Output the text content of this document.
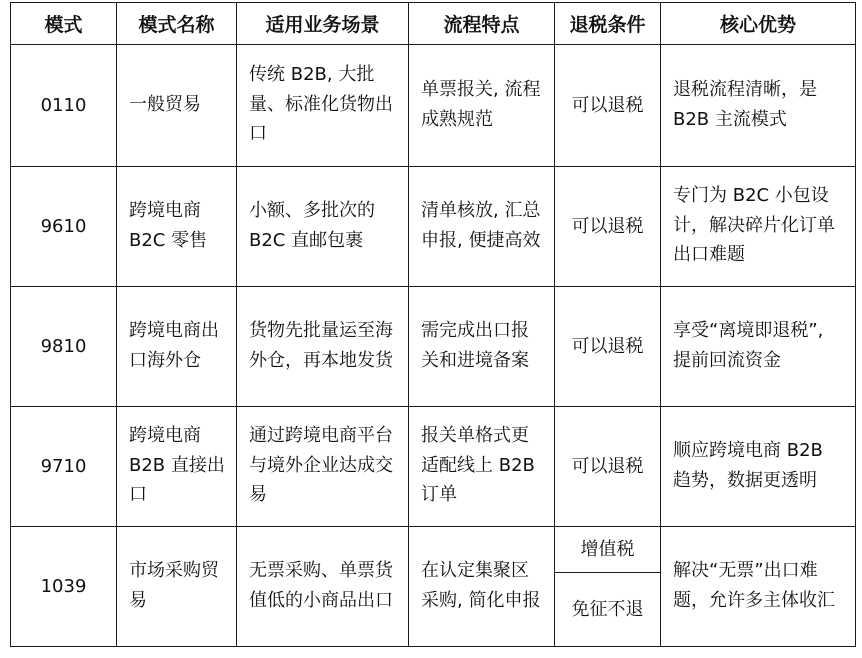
模式	模式名称	适用业务场景	流程特点	退税条件	核心优势
0110	一般贸易	传统 B2B, 大批量、标准化货物出口	单票报关, 流程成熟规范	可以退税	退税流程清晰，是 B2B 主流模式
9610	跨境电商 B2C 零售	小额、多批次的 B2C 直邮包裹	清单核放, 汇总申报, 便捷高效	可以退税	专门为 B2C 小包设计，解决碎片化订单出口难题
9810	跨境电商出口海外仓	货物先批量运至海外仓，再本地发货	需完成出口报关和进境备案	可以退税	享受“离境即退税”, 提前回流资金
9710	跨境电商 B2B 直接出口	通过跨境电商平台与境外企业达成交易	报关单格式更适配线上 B2B 订单	可以退税	顺应跨境电商 B2B 趋势，数据更透明
1039	市场采购贸易	无票采购、单票货值低的小商品出口	在认定集聚区采购, 简化申报	增值税	解决“无票”出口难题，允许多主体收汇
				免征不退	
